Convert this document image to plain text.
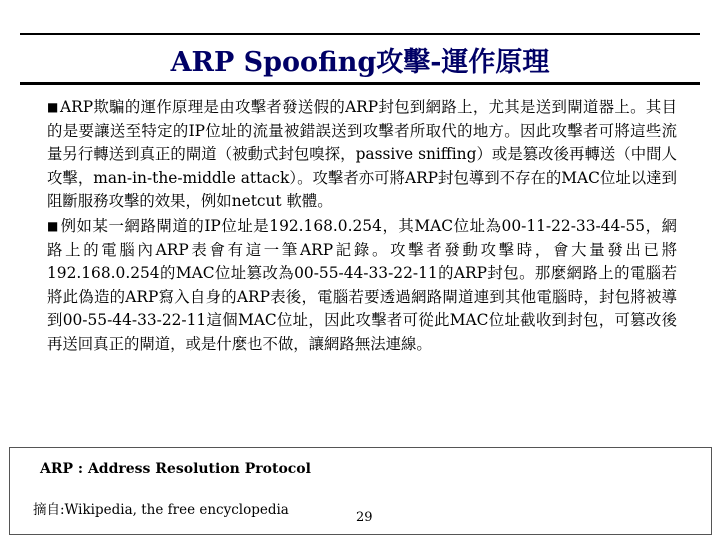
ARP Spoofing攻擊-運作原理

■ ARP欺騙的運作原理是由攻擊者發送假的ARP封包到網路上，尤其是送到閘道器上。其目的是要讓送至特定的IP位址的流量被錯誤送到攻擊者所取代的地方。因此攻擊者可將這些流量另行轉送到真正的閘道（被動式封包嗅探，passive sniffing）或是篡改後再轉送（中間人攻擊，man-in-the-middle attack）。攻擊者亦可將ARP封包導到不存在的MAC位址以達到阻斷服務攻擊的效果，例如netcut 軟體。

■ 例如某一網路閘道的IP位址是192.168.0.254，其MAC位址為00-11-22-33-44-55，網路上的電腦內ARP表會有這一筆ARP記錄。攻擊者發動攻擊時，會大量發出已將192.168.0.254的MAC位址篡改為00-55-44-33-22-11的ARP封包。那麼網路上的電腦若將此偽造的ARP寫入自身的ARP表後，電腦若要透過網路閘道連到其他電腦時，封包將被導到00-55-44-33-22-11這個MAC位址，因此攻擊者可從此MAC位址截收到封包，可篡改後再送回真正的閘道，或是什麼也不做，讓網路無法連線。

ARP : Address Resolution Protocol
摘自:Wikipedia, the free encyclopedia	29
